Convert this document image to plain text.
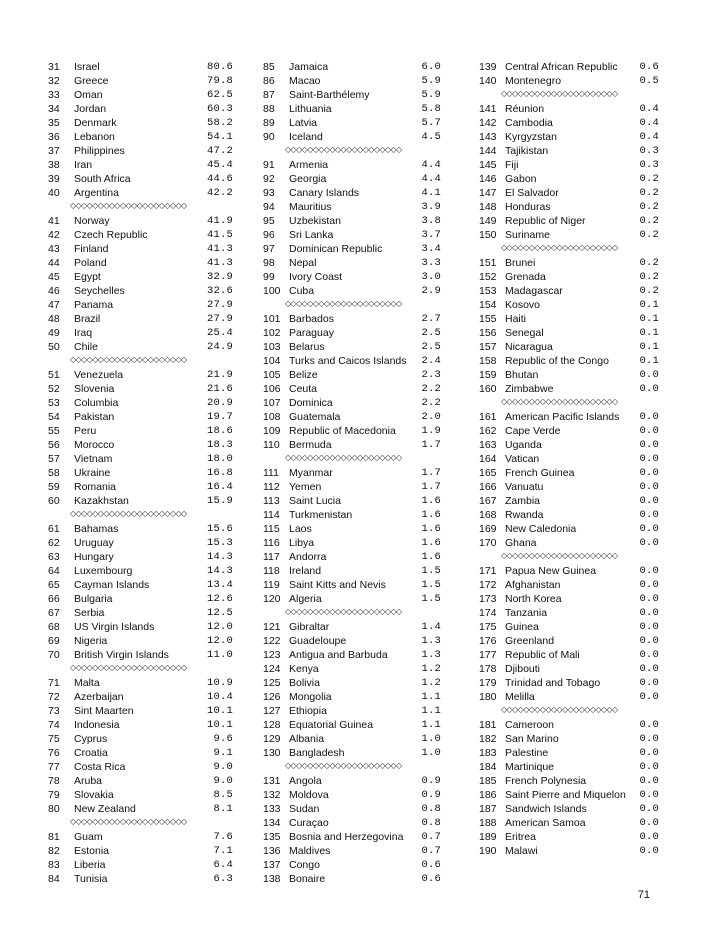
31	Israel	80.6
32	Greece	79.8
33	Oman	62.5
34	Jordan	60.3
35	Denmark	58.2
36	Lebanon	54.1
37	Philippines	47.2
38	Iran	45.4
39	South Africa	44.6
40	Argentina	42.2
◇◇◇◇◇◇◇◇◇◇◇◇◇◇◇◇◇◇◇◇◇
41	Norway	41.9
42	Czech Republic	41.5
43	Finland	41.3
44	Poland	41.3
45	Egypt	32.9
46	Seychelles	32.6
47	Panama	27.9
48	Brazil	27.9
49	Iraq	25.4
50	Chile	24.9
◇◇◇◇◇◇◇◇◇◇◇◇◇◇◇◇◇◇◇◇◇
51	Venezuela	21.9
52	Slovenia	21.6
53	Columbia	20.9
54	Pakistan	19.7
55	Peru	18.6
56	Morocco	18.3
57	Vietnam	18.0
58	Ukraine	16.8
59	Romania	16.4
60	Kazakhstan	15.9
◇◇◇◇◇◇◇◇◇◇◇◇◇◇◇◇◇◇◇◇◇
61	Bahamas	15.6
62	Uruguay	15.3
63	Hungary	14.3
64	Luxembourg	14.3
65	Cayman Islands	13.4
66	Bulgaria	12.6
67	Serbia	12.5
68	US Virgin Islands	12.0
69	Nigeria	12.0
70	British Virgin Islands	11.0
◇◇◇◇◇◇◇◇◇◇◇◇◇◇◇◇◇◇◇◇◇
71	Malta	10.9
72	Azerbaijan	10.4
73	Sint Maarten	10.1
74	Indonesia	10.1
75	Cyprus	9.6
76	Croatia	9.1
77	Costa Rica	9.0
78	Aruba	9.0
79	Slovakia	8.5
80	New Zealand	8.1
◇◇◇◇◇◇◇◇◇◇◇◇◇◇◇◇◇◇◇◇◇
81	Guam	7.6
82	Estonia	7.1
83	Liberia	6.4
84	Tunisia	6.3
85	Jamaica	6.0
86	Macao	5.9
87	Saint-Barthélemy	5.9
88	Lithuania	5.8
89	Latvia	5.7
90	Iceland	4.5
◇◇◇◇◇◇◇◇◇◇◇◇◇◇◇◇◇◇◇◇◇
91	Armenia	4.4
92	Georgia	4.4
93	Canary Islands	4.1
94	Mauritius	3.9
95	Uzbekistan	3.8
96	Sri Lanka	3.7
97	Dominican Republic	3.4
98	Nepal	3.3
99	Ivory Coast	3.0
100 Cuba	2.9
◇◇◇◇◇◇◇◇◇◇◇◇◇◇◇◇◇◇◇◇◇
101 Barbados	2.7
102 Paraguay	2.5
103 Belarus	2.5
104 Turks and Caicos Islands 2.4
105 Belize	2.3
106 Ceuta	2.2
107 Dominica	2.2
108 Guatemala	2.0
109 Republic of Macedonia 1.9
110 Bermuda	1.7
◇◇◇◇◇◇◇◇◇◇◇◇◇◇◇◇◇◇◇◇◇
111 Myanmar	1.7
112 Yemen	1.7
113 Saint Lucia	1.6
114 Turkmenistan	1.6
115 Laos	1.6
116 Libya	1.6
117 Andorra	1.6
118 Ireland	1.5
119 Saint Kitts and Nevis	1.5
120 Algeria	1.5
◇◇◇◇◇◇◇◇◇◇◇◇◇◇◇◇◇◇◇◇◇
121 Gibraltar	1.4
122 Guadeloupe	1.3
123 Antigua and Barbuda	1.3
124 Kenya	1.2
125 Bolivia	1.2
126 Mongolia	1.1
127 Ethiopia	1.1
128 Equatorial Guinea	1.1
129 Albania	1.0
130 Bangladesh	1.0
◇◇◇◇◇◇◇◇◇◇◇◇◇◇◇◇◇◇◇◇◇
131 Angola	0.9
132 Moldova	0.9
133 Sudan	0.8
134 Curaçao	0.8
135 Bosnia and Herzegovina 0.7
136 Maldives	0.7
137 Congo	0.6
138 Bonaire	0.6
139 Central African Republic 0.6
140 Montenegro	0.5
◇◇◇◇◇◇◇◇◇◇◇◇◇◇◇◇◇◇◇◇◇
141 Réunion	0.4
142 Cambodia	0.4
143 Kyrgyzstan	0.4
144 Tajikistan	0.3
145 Fiji	0.3
146 Gabon	0.2
147 El Salvador	0.2
148 Honduras	0.2
149 Republic of Niger	0.2
150 Suriname	0.2
◇◇◇◇◇◇◇◇◇◇◇◇◇◇◇◇◇◇◇◇◇
151 Brunei	0.2
152 Grenada	0.2
153 Madagascar	0.2
154 Kosovo	0.1
155 Haiti	0.1
156 Senegal	0.1
157 Nicaragua	0.1
158 Republic of the Congo	0.1
159 Bhutan	0.0
160 Zimbabwe	0.0
◇◇◇◇◇◇◇◇◇◇◇◇◇◇◇◇◇◇◇◇◇
161 American Pacific Islands 0.0
162 Cape Verde	0.0
163 Uganda	0.0
164 Vatican	0.0
165 French Guinea	0.0
166 Vanuatu	0.0
167 Zambia	0.0
168 Rwanda	0.0
169 New Caledonia	0.0
170 Ghana	0.0
◇◇◇◇◇◇◇◇◇◇◇◇◇◇◇◇◇◇◇◇◇
171 Papua New Guinea	0.0
172 Afghanistan	0.0
173 North Korea	0.0
174 Tanzania	0.0
175 Guinea	0.0
176 Greenland	0.0
177 Republic of Mali	0.0
178 Djibouti	0.0
179 Trinidad and Tobago	0.0
180 Melilla	0.0
◇◇◇◇◇◇◇◇◇◇◇◇◇◇◇◇◇◇◇◇◇
181 Cameroon	0.0
182 San Marino	0.0
183 Palestine	0.0
184 Martinique	0.0
185 French Polynesia	0.0
186 Saint Pierre and Miquelon 0.0
187 Sandwich Islands	0.0
188 American Samoa	0.0
189 Eritrea	0.0
190 Malawi	0.0
71
